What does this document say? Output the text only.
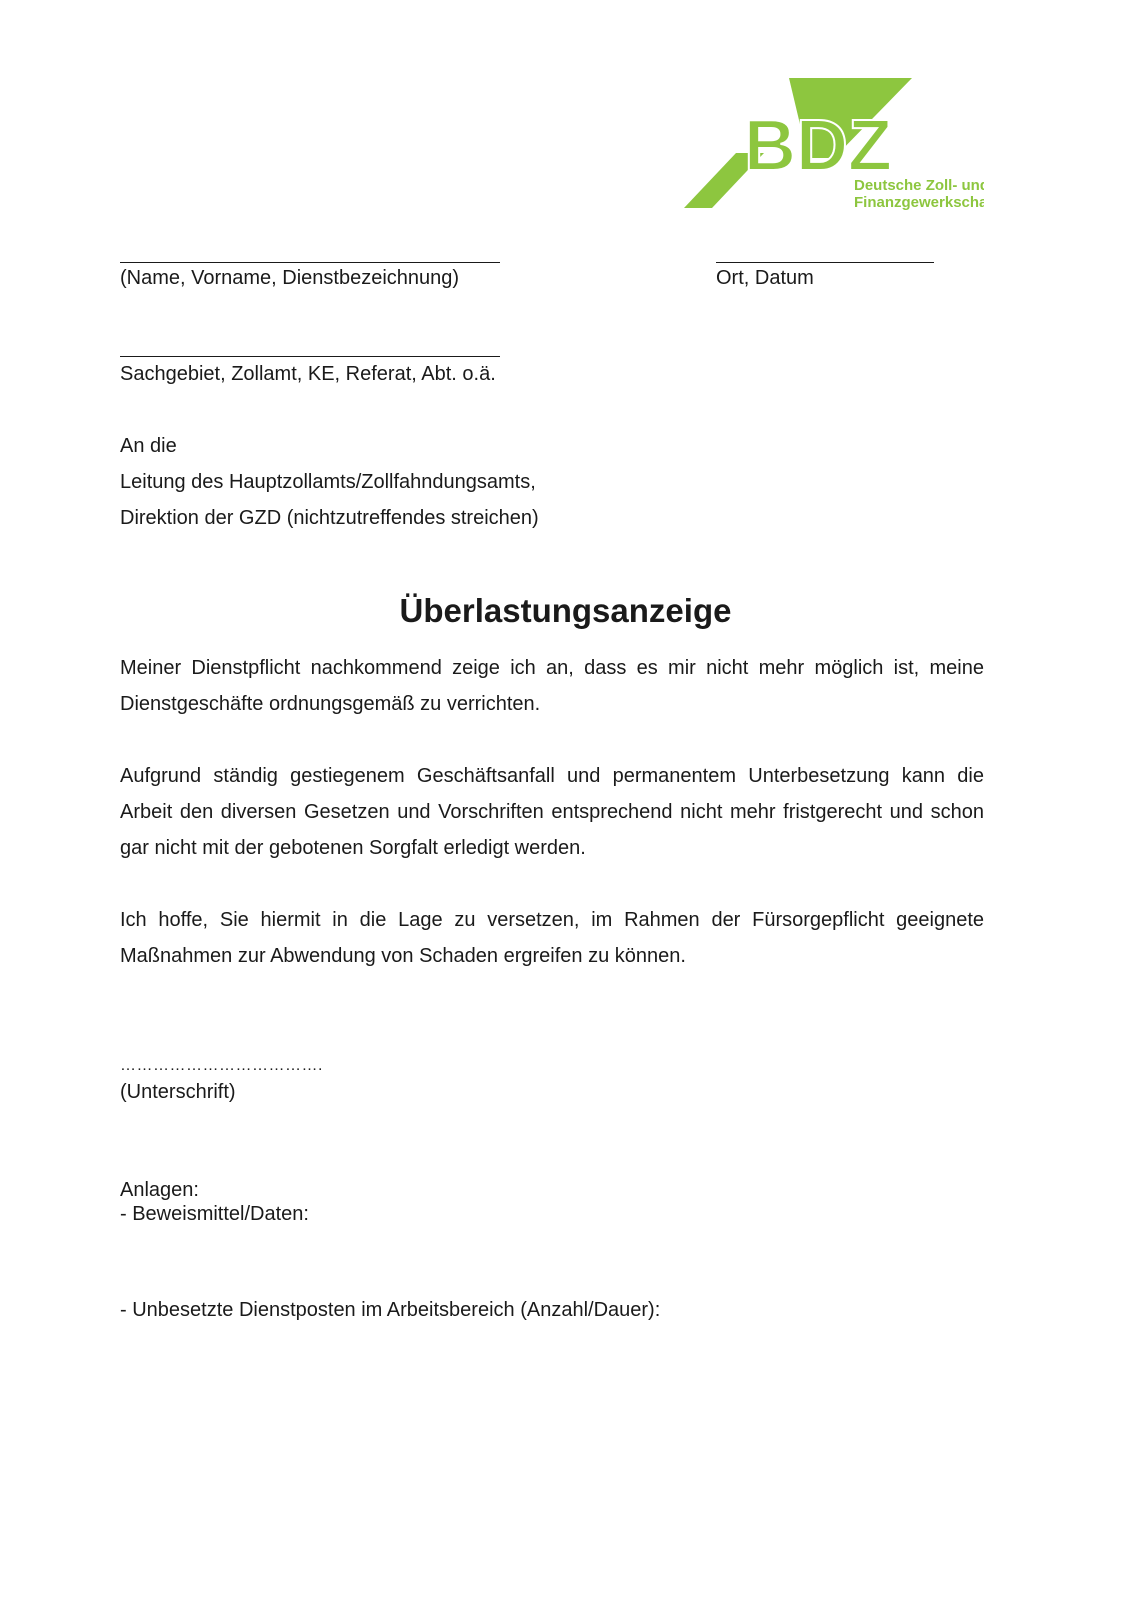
BDZ
Deutsche Zoll- und
Finanzgewerkschaft
(Name, Vorname, Dienstbezeichnung)	Ort, Datum
Sachgebiet, Zollamt, KE, Referat, Abt. o.ä.
An die
Leitung des Hauptzollamts/Zollfahndungsamts,
Direktion der GZD (nichtzutreffendes streichen)
Überlastungsanzeige
Meiner Dienstpflicht nachkommend zeige ich an, dass es mir nicht mehr möglich ist, meine Dienstgeschäfte ordnungsgemäß zu verrichten.
Aufgrund ständig gestiegenem Geschäftsanfall und permanentem Unterbesetzung kann die Arbeit den diversen Gesetzen und Vorschriften entsprechend nicht mehr fristgerecht und schon gar nicht mit der gebotenen Sorgfalt erledigt werden.
Ich hoffe, Sie hiermit in die Lage zu versetzen, im Rahmen der Fürsorgepflicht geeignete Maßnahmen zur Abwendung von Schaden ergreifen zu können.
……………………………….
(Unterschrift)
Anlagen:
- Beweismittel/Daten:
- Unbesetzte Dienstposten im Arbeitsbereich (Anzahl/Dauer):
